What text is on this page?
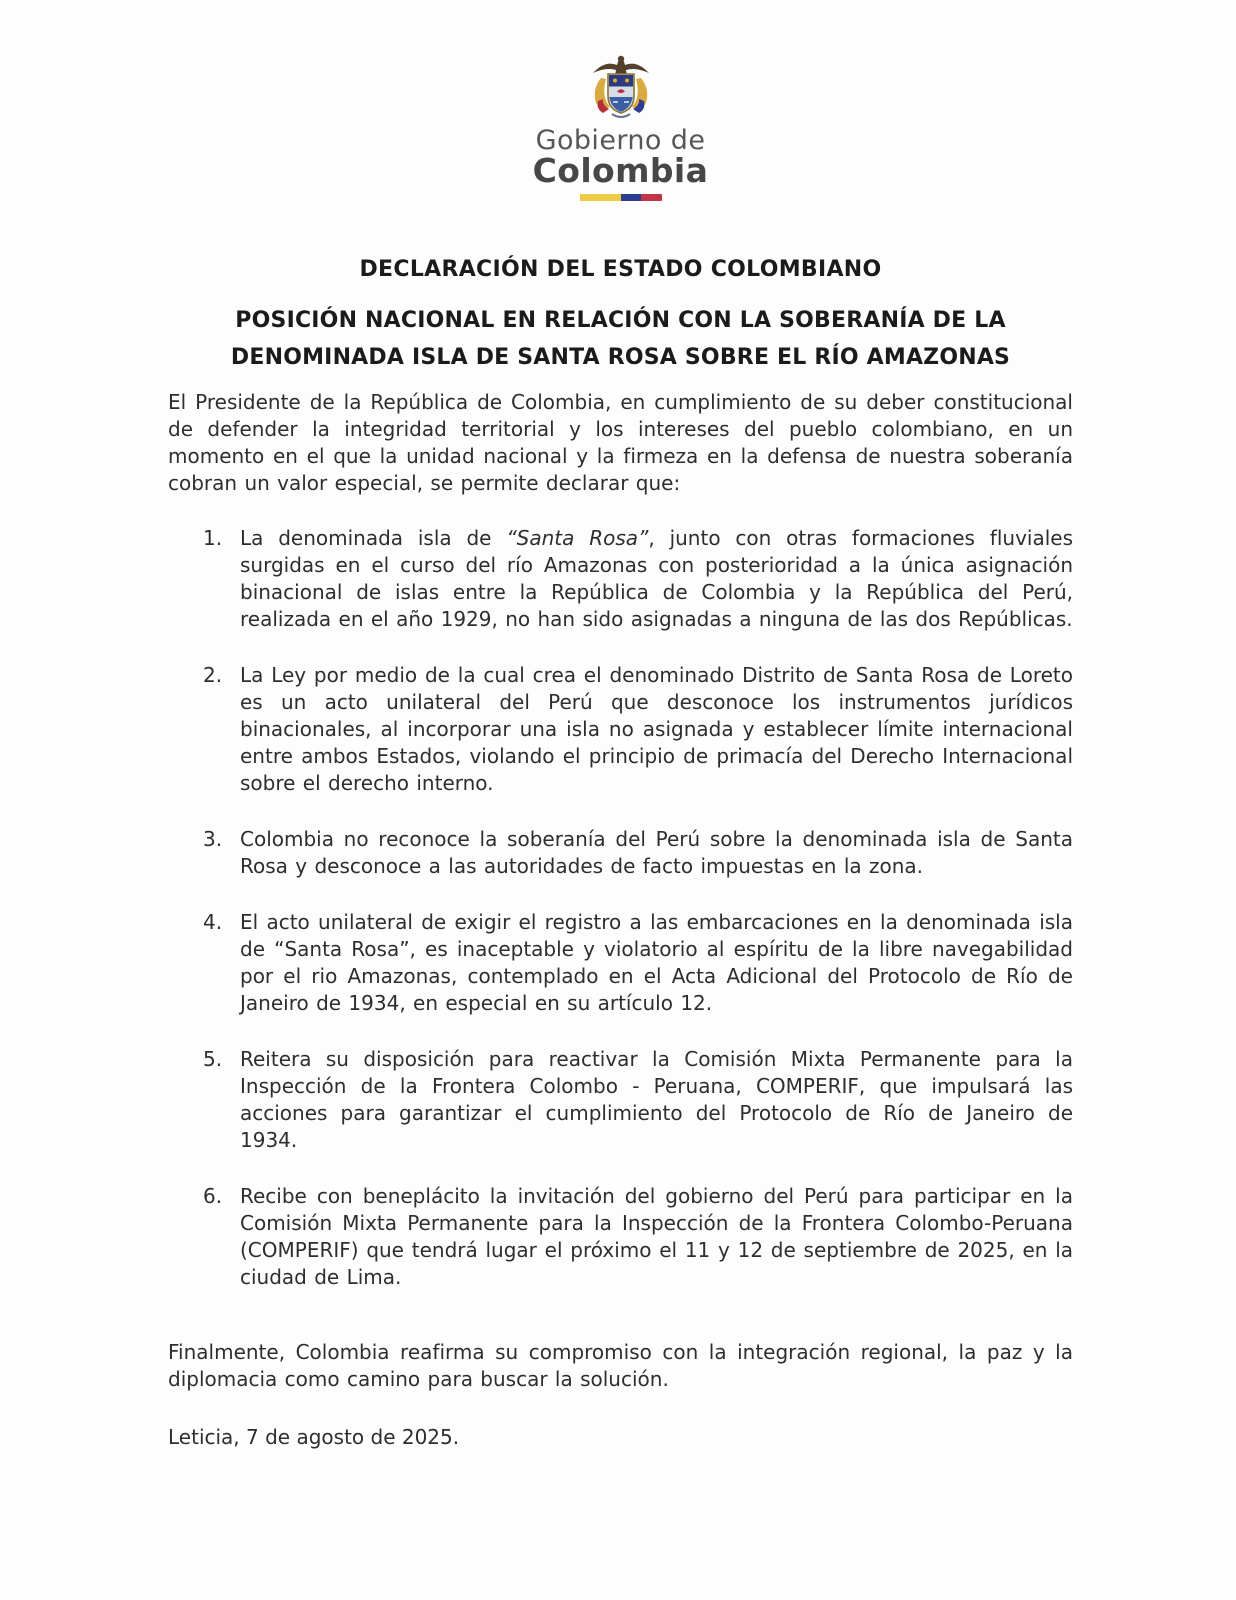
Gobierno de
Colombia
DECLARACIÓN DEL ESTADO COLOMBIANO
POSICIÓN NACIONAL EN RELACIÓN CON LA SOBERANÍA DE LA DENOMINADA ISLA DE SANTA ROSA SOBRE EL RÍO AMAZONAS

El Presidente de la República de Colombia, en cumplimiento de su deber constitucional de defender la integridad territorial y los intereses del pueblo colombiano, en un momento en el que la unidad nacional y la firmeza en la defensa de nuestra soberanía cobran un valor especial, se permite declarar que:

1. La denominada isla de “Santa Rosa”, junto con otras formaciones fluviales surgidas en el curso del río Amazonas con posterioridad a la única asignación binacional de islas entre la República de Colombia y la República del Perú, realizada en el año 1929, no han sido asignadas a ninguna de las dos Repúblicas.
2. La Ley por medio de la cual crea el denominado Distrito de Santa Rosa de Loreto es un acto unilateral del Perú que desconoce los instrumentos jurídicos binacionales, al incorporar una isla no asignada y establecer límite internacional entre ambos Estados, violando el principio de primacía del Derecho Internacional sobre el derecho interno.
3. Colombia no reconoce la soberanía del Perú sobre la denominada isla de Santa Rosa y desconoce a las autoridades de facto impuestas en la zona.
4. El acto unilateral de exigir el registro a las embarcaciones en la denominada isla de “Santa Rosa”, es inaceptable y violatorio al espíritu de la libre navegabilidad por el rio Amazonas, contemplado en el Acta Adicional del Protocolo de Río de Janeiro de 1934, en especial en su artículo 12.
5. Reitera su disposición para reactivar la Comisión Mixta Permanente para la Inspección de la Frontera Colombo - Peruana, COMPERIF, que impulsará las acciones para garantizar el cumplimiento del Protocolo de Río de Janeiro de 1934.
6. Recibe con beneplácito la invitación del gobierno del Perú para participar en la Comisión Mixta Permanente para la Inspección de la Frontera Colombo-Peruana (COMPERIF) que tendrá lugar el próximo el 11 y 12 de septiembre de 2025, en la ciudad de Lima.

Finalmente, Colombia reafirma su compromiso con la integración regional, la paz y la diplomacia como camino para buscar la solución.

Leticia, 7 de agosto de 2025.
